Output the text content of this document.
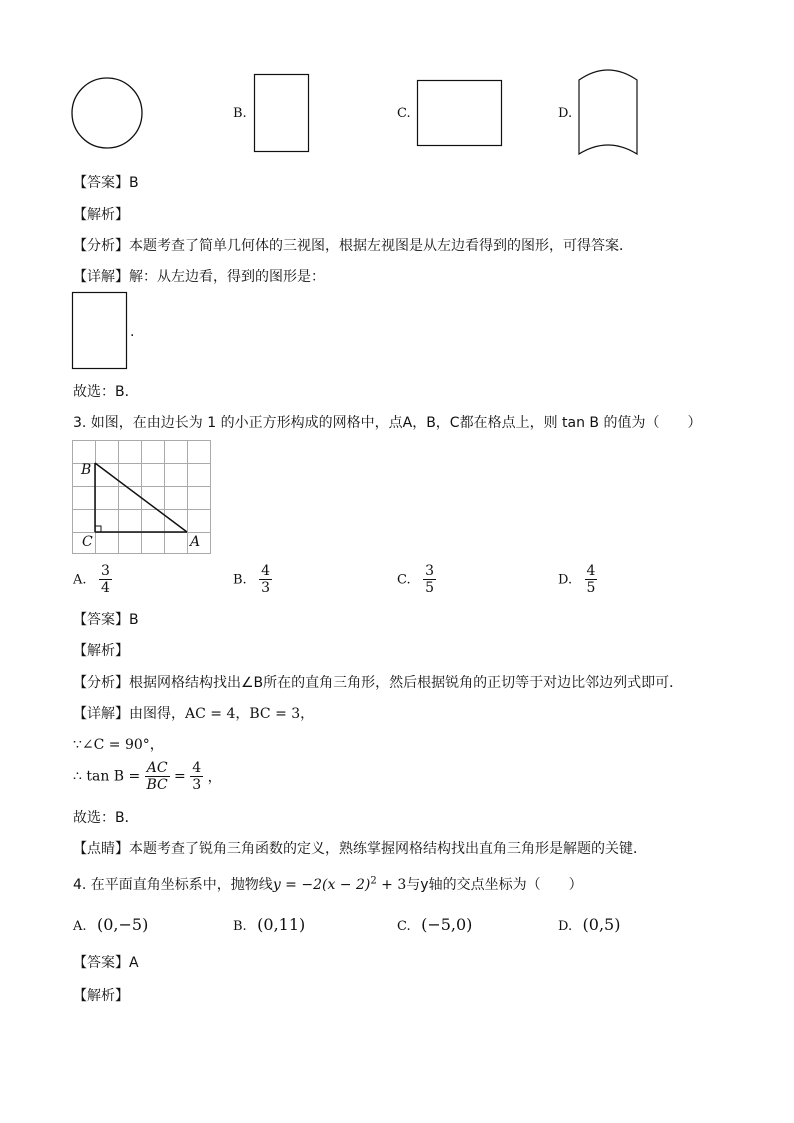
B.	C.	D.
【答案】B
【解析】
【分析】本题考查了简单几何体的三视图，根据左视图是从左边看得到的图形，可得答案．
【详解】解：从左边看，得到的图形是：
.
故选：B．
3. 如图，在由边长为 1 的小正方形构成的网格中，点A，B，C都在格点上，则 tan B 的值为（　　）
B
C	A
A. $\frac{3}{4}$	B. $\frac{4}{3}$	C. $\frac{3}{5}$	D. $\frac{4}{5}$
【答案】B
【解析】
【分析】根据网格结构找出∠B所在的直角三角形，然后根据锐角的正切等于对边比邻边列式即可．
【详解】由图得，AC = 4，BC = 3，
∵∠C = 90°，
∴ $\tan B = \frac{AC}{BC} = \frac{4}{3}$ ，
故选：B．
【点睛】本题考查了锐角三角函数的定义，熟练掌握网格结构找出直角三角形是解题的关键．
4. 在平面直角坐标系中，抛物线$y = -2(x - 2)^2 + 3$与y轴的交点坐标为（　　）
A. (0,−5)	B. (0,11)	C. (−5,0)	D. (0,5)
【答案】A
【解析】
